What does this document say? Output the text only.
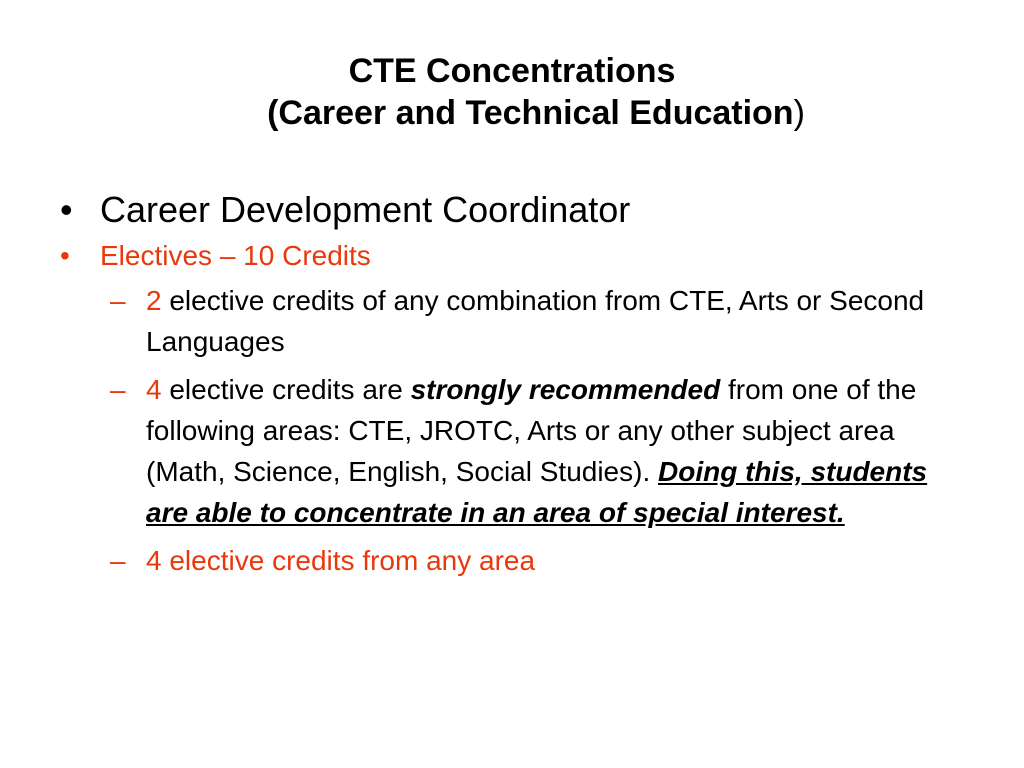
CTE Concentrations
(Career and Technical Education)
• Career Development Coordinator
• Electives – 10 Credits
– 2 elective credits of any combination from CTE, Arts or Second Languages
– 4 elective credits are strongly recommended from one of the following areas: CTE, JROTC, Arts or any other subject area (Math, Science, English, Social Studies). Doing this, students are able to concentrate in an area of special interest.
– 4 elective credits from any area
